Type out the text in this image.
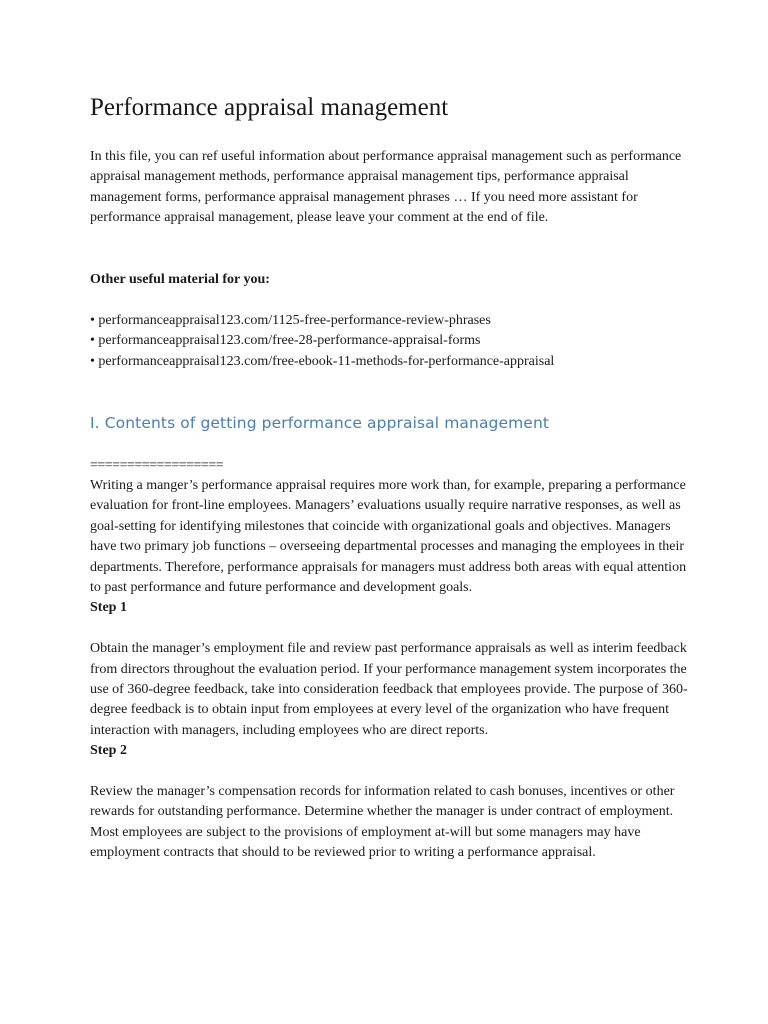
Performance appraisal management

In this file, you can ref useful information about performance appraisal management such as performance appraisal management methods, performance appraisal management tips, performance appraisal management forms, performance appraisal management phrases … If you need more assistant for performance appraisal management, please leave your comment at the end of file.

Other useful material for you:

• performanceappraisal123.com/1125-free-performance-review-phrases
• performanceappraisal123.com/free-28-performance-appraisal-forms
• performanceappraisal123.com/free-ebook-11-methods-for-performance-appraisal
I. Contents of getting performance appraisal management
==================

Writing a manger’s performance appraisal requires more work than, for example, preparing a performance evaluation for front-line employees. Managers’ evaluations usually require narrative responses, as well as goal-setting for identifying milestones that coincide with organizational goals and objectives. Managers have two primary job functions – overseeing departmental processes and managing the employees in their departments. Therefore, performance appraisals for managers must address both areas with equal attention to past performance and future performance and development goals.

Step 1

Obtain the manager’s employment file and review past performance appraisals as well as interim feedback from directors throughout the evaluation period. If your performance management system incorporates the use of 360-degree feedback, take into consideration feedback that employees provide. The purpose of 360-degree feedback is to obtain input from employees at every level of the organization who have frequent interaction with managers, including employees who are direct reports.

Step 2

Review the manager’s compensation records for information related to cash bonuses, incentives or other rewards for outstanding performance. Determine whether the manager is under contract of employment. Most employees are subject to the provisions of employment at-will but some managers may have employment contracts that should to be reviewed prior to writing a performance appraisal.
